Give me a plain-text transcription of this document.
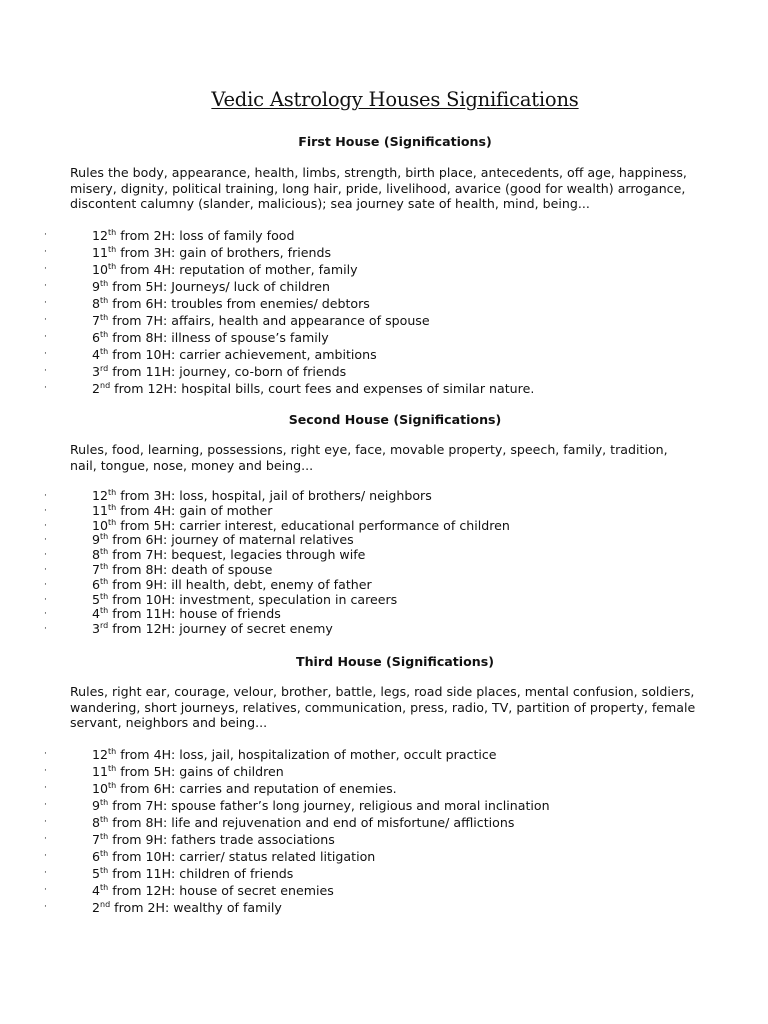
Vedic Astrology Houses Significations
First House (Significations)
Rules the body, appearance, health, limbs, strength, birth place, antecedents, off age, happiness,
misery, dignity, political training, long hair, pride, livelihood, avarice (good for wealth) arrogance,
discontent calumny (slander, malicious); sea journey sate of health, mind, being...
·	12th from 2H: loss of family food
·	11th from 3H: gain of brothers, friends
·	10th from 4H: reputation of mother, family
·	9th from 5H: Journeys/ luck of children
·	8th from 6H: troubles from enemies/ debtors
·	7th from 7H: affairs, health and appearance of spouse
·	6th from 8H: illness of spouse’s family
·	4th from 10H: carrier achievement, ambitions
·	3rd from 11H: journey, co-born of friends
·	2nd from 12H: hospital bills, court fees and expenses of similar nature.
Second House (Significations)
Rules, food, learning, possessions, right eye, face, movable property, speech, family, tradition,
nail, tongue, nose, money and being...
·	12th from 3H: loss, hospital, jail of brothers/ neighbors
·	11th from 4H: gain of mother
·	10th from 5H: carrier interest, educational performance of children
·	9th from 6H: journey of maternal relatives
·	8th from 7H: bequest, legacies through wife
·	7th from 8H: death of spouse
·	6th from 9H: ill health, debt, enemy of father
·	5th from 10H: investment, speculation in careers
·	4th from 11H: house of friends
·	3rd from 12H: journey of secret enemy
Third House (Significations)
Rules, right ear, courage, velour, brother, battle, legs, road side places, mental confusion, soldiers,
wandering, short journeys, relatives, communication, press, radio, TV, partition of property, female
servant, neighbors and being...
·	12th from 4H: loss, jail, hospitalization of mother, occult practice
·	11th from 5H: gains of children
·	10th from 6H: carries and reputation of enemies.
·	9th from 7H: spouse father’s long journey, religious and moral inclination
·	8th from 8H: life and rejuvenation and end of misfortune/ afflictions
·	7th from 9H: fathers trade associations
·	6th from 10H: carrier/ status related litigation
·	5th from 11H: children of friends
·	4th from 12H: house of secret enemies
·	2nd from 2H: wealthy of family
